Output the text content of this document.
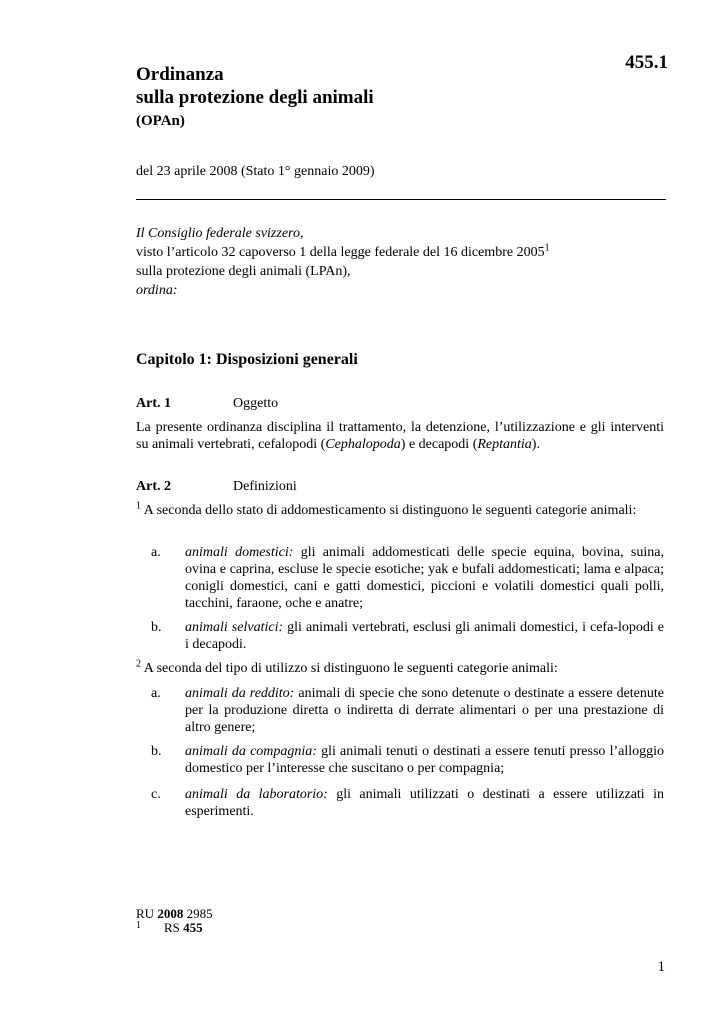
455.1
Ordinanza
sulla protezione degli animali
(OPAn)
del 23 aprile 2008 (Stato 1° gennaio 2009)
Il Consiglio federale svizzero,
visto l’articolo 32 capoverso 1 della legge federale del 16 dicembre 2005$^1$
sulla protezione degli animali (LPAn),
ordina:
Capitolo 1: Disposizioni generali
Art. 1	Oggetto
La presente ordinanza disciplina il trattamento, la detenzione, l’utilizzazione e gli interventi su animali vertebrati, cefalopodi (Cephalopoda) e decapodi (Reptantia).
Art. 2	Definizioni
$^1$ A seconda dello stato di addomesticamento si distinguono le seguenti categorie animali:
a.	animali domestici: gli animali addomesticati delle specie equina, bovina, suina, ovina e caprina, escluse le specie esotiche; yak e bufali addomesticati; lama e alpaca; conigli domestici, cani e gatti domestici, piccioni e volatili domestici quali polli, tacchini, faraone, oche e anatre;
b.	animali selvatici: gli animali vertebrati, esclusi gli animali domestici, i cefa-lopodi e i decapodi.
$^2$ A seconda del tipo di utilizzo si distinguono le seguenti categorie animali:
a.	animali da reddito: animali di specie che sono detenute o destinate a essere detenute per la produzione diretta o indiretta di derrate alimentari o per una prestazione di altro genere;
b.	animali da compagnia: gli animali tenuti o destinati a essere tenuti presso l’alloggio domestico per l’interesse che suscitano o per compagnia;
c.	animali da laboratorio: gli animali utilizzati o destinati a essere utilizzati in esperimenti.
RU 2008 2985
1 RS 455
1
